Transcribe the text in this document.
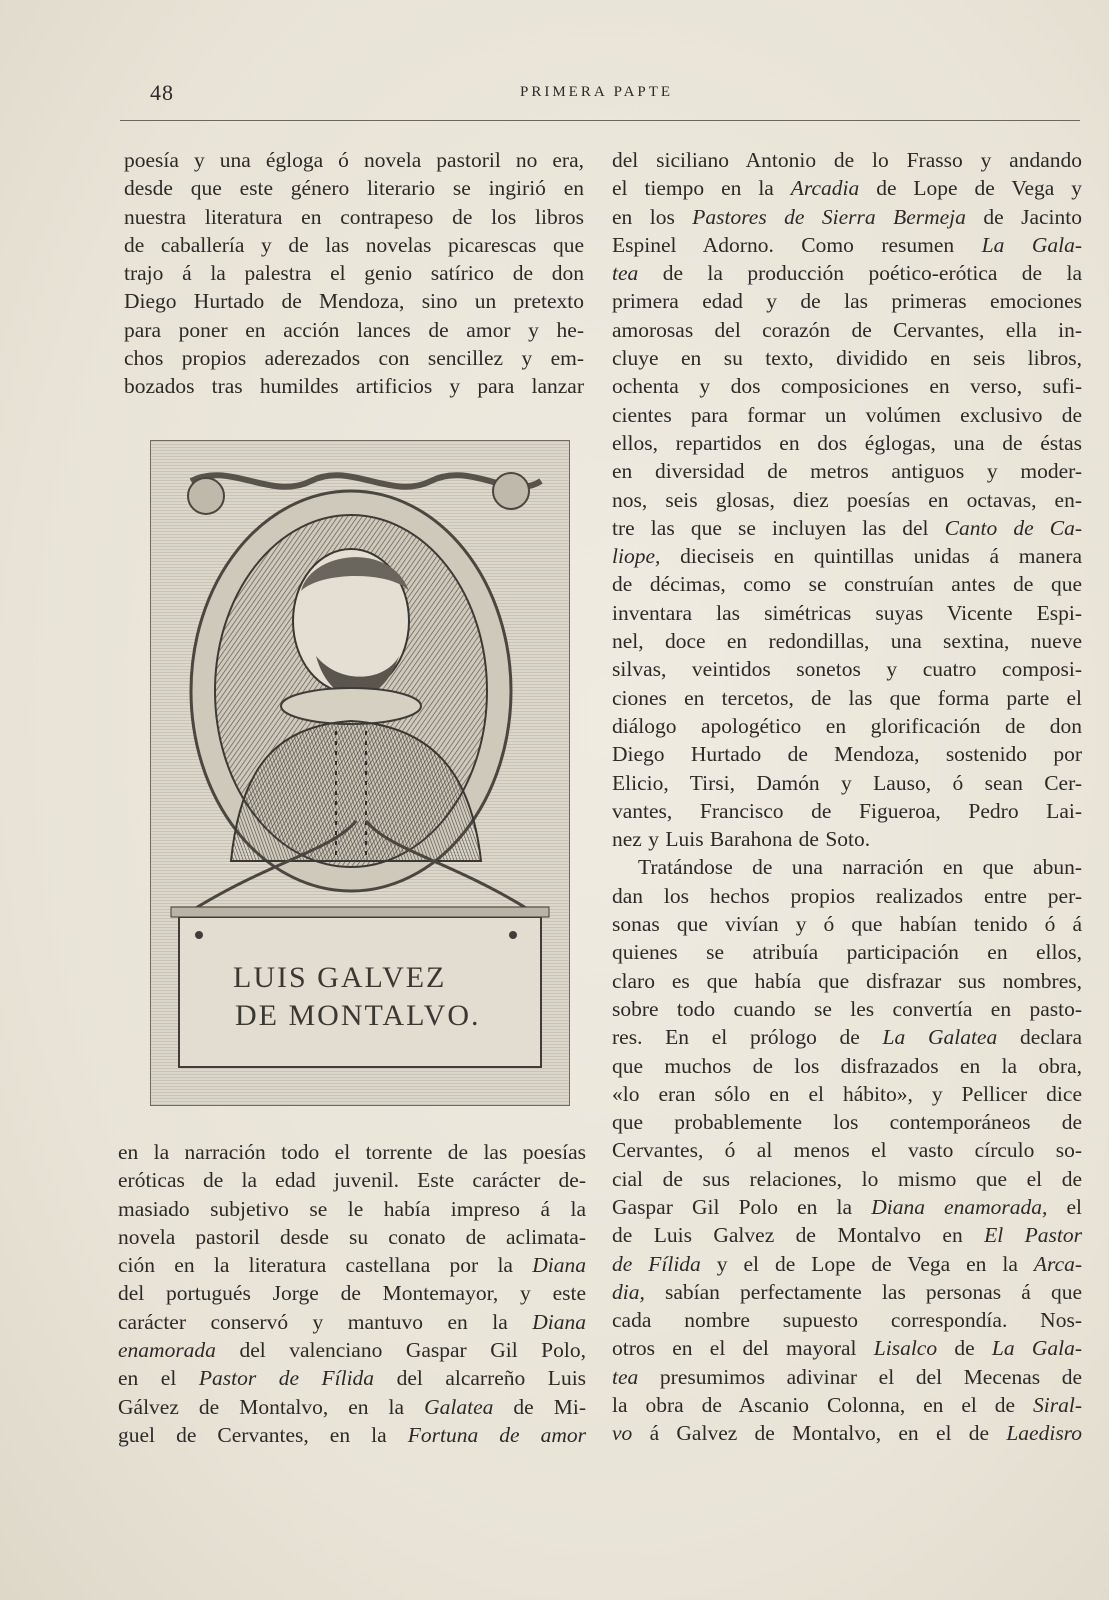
48	PRIMERA PAPTE
poesía y una égloga ó novela pastoril no era,
desde que este género literario se ingirió en
nuestra literatura en contrapeso de los libros
de caballería y de las novelas picarescas que
trajo á la palestra el genio satírico de don
Diego Hurtado de Mendoza, sino un pretexto
para poner en acción lances de amor y he-
chos propios aderezados con sencillez y em-
bozados tras humildes artificios y para lanzar
LUIS GALVEZ
DE MONTALVO.
en la narración todo el torrente de las poesías
eróticas de la edad juvenil. Este carácter de-
masiado subjetivo se le había impreso á la
novela pastoril desde su conato de aclimata-
ción en la literatura castellana por la Diana
del portugués Jorge de Montemayor, y este
carácter conservó y mantuvo en la Diana
enamorada del valenciano Gaspar Gil Polo,
en el Pastor de Fílida del alcarreño Luis
Gálvez de Montalvo, en la Galatea de Mi-
guel de Cervantes, en la Fortuna de amor
del siciliano Antonio de lo Frasso y andando
el tiempo en la Arcadia de Lope de Vega y
en los Pastores de Sierra Bermeja de Jacinto
Espinel Adorno. Como resumen La Gala-
tea de la producción poético-erótica de la
primera edad y de las primeras emociones
amorosas del corazón de Cervantes, ella in-
cluye en su texto, dividido en seis libros,
ochenta y dos composiciones en verso, sufi-
cientes para formar un volúmen exclusivo de
ellos, repartidos en dos églogas, una de éstas
en diversidad de metros antiguos y moder-
nos, seis glosas, diez poesías en octavas, en-
tre las que se incluyen las del Canto de Ca-
liope, dieciseis en quintillas unidas á manera
de décimas, como se construían antes de que
inventara las simétricas suyas Vicente Espi-
nel, doce en redondillas, una sextina, nueve
silvas, veintidos sonetos y cuatro composi-
ciones en tercetos, de las que forma parte el
diálogo apologético en glorificación de don
Diego Hurtado de Mendoza, sostenido por
Elicio, Tirsi, Damón y Lauso, ó sean Cer-
vantes, Francisco de Figueroa, Pedro Lai-
nez y Luis Barahona de Soto.
Tratándose de una narración en que abun-
dan los hechos propios realizados entre per-
sonas que vivían y ó que habían tenido ó á
quienes se atribuía participación en ellos,
claro es que había que disfrazar sus nombres,
sobre todo cuando se les convertía en pasto-
res. En el prólogo de La Galatea declara
que muchos de los disfrazados en la obra,
«lo eran sólo en el hábito», y Pellicer dice
que probablemente los contemporáneos de
Cervantes, ó al menos el vasto círculo so-
cial de sus relaciones, lo mismo que el de
Gaspar Gil Polo en la Diana enamorada, el
de Luis Galvez de Montalvo en El Pastor
de Fílida y el de Lope de Vega en la Arca-
dia, sabían perfectamente las personas á que
cada nombre supuesto correspondía. Nos-
otros en el del mayoral Lisalco de La Gala-
tea presumimos adivinar el del Mecenas de
la obra de Ascanio Colonna, en el de Siral-
vo á Galvez de Montalvo, en el de Laedisro
